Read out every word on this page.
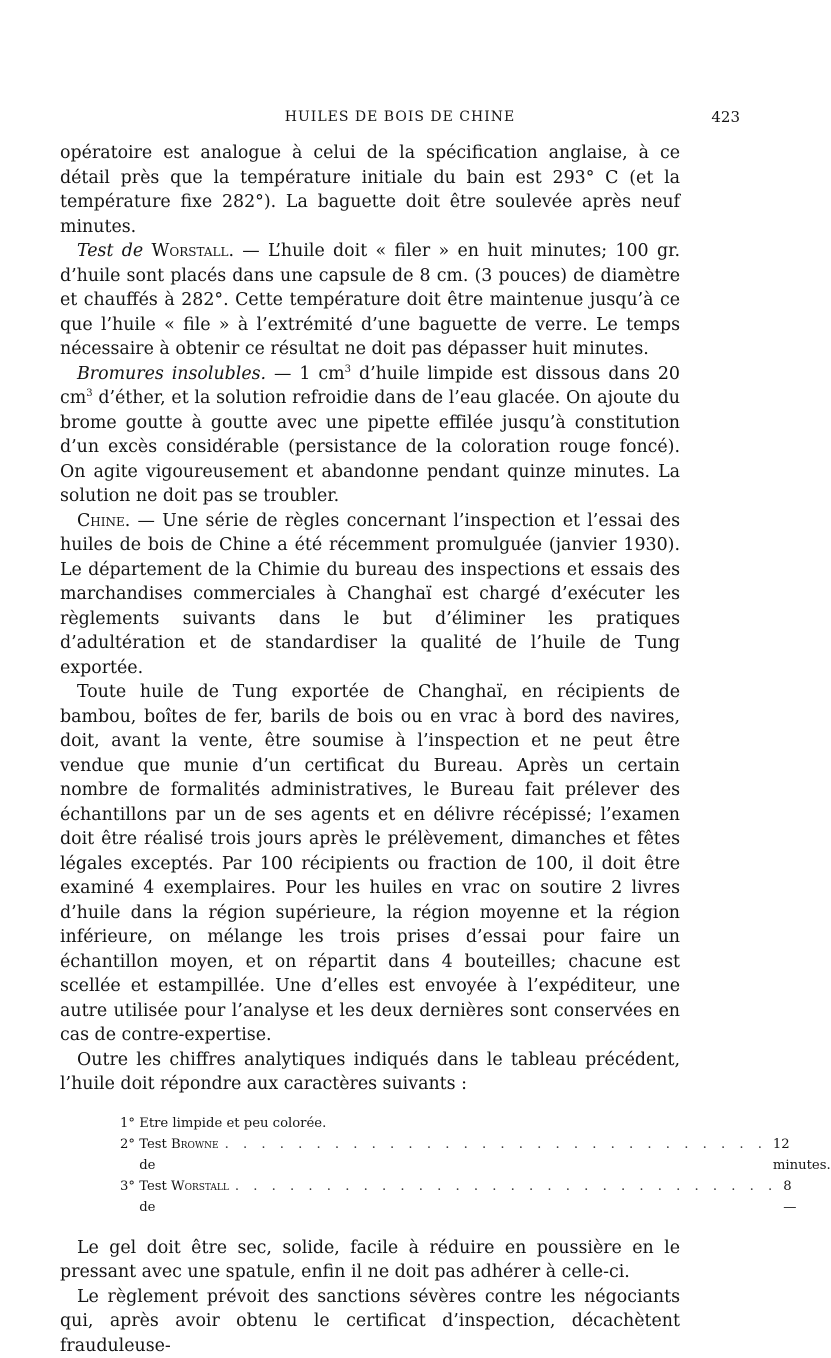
HUILES DE BOIS DE CHINE	423

opératoire est analogue à celui de la spécification anglaise, à ce détail près que la température initiale du bain est 293° C (et la température fixe 282°). La baguette doit être soulevée après neuf minutes.

Test de Worstall. — L’huile doit « filer » en huit minutes; 100 gr. d’huile sont placés dans une capsule de 8 cm. (3 pouces) de diamètre et chauffés à 282°. Cette température doit être maintenue jusqu’à ce que l’huile « file » à l’extrémité d’une baguette de verre. Le temps nécessaire à obtenir ce résultat ne doit pas dépasser huit minutes.

Bromures insolubles. — 1 $cm^3$ d’huile limpide est dissous dans 20 $cm^3$ d’éther, et la solution refroidie dans de l’eau glacée. On ajoute du brome goutte à goutte avec une pipette effilée jusqu’à constitution d’un excès considérable (persistance de la coloration rouge foncé). On agite vigoureusement et abandonne pendant quinze minutes. La solution ne doit pas se troubler.

Chine. — Une série de règles concernant l’inspection et l’essai des huiles de bois de Chine a été récemment promulguée (janvier 1930). Le département de la Chimie du bureau des inspections et essais des marchandises commerciales à Changhaï est chargé d’exécuter les règlements suivants dans le but d’éliminer les pratiques d’adultération et de standardiser la qualité de l’huile de Tung exportée.

Toute huile de Tung exportée de Changhaï, en récipients de bambou, boîtes de fer, barils de bois ou en vrac à bord des navires, doit, avant la vente, être soumise à l’inspection et ne peut être vendue que munie d’un certificat du Bureau. Après un certain nombre de formalités administratives, le Bureau fait prélever des échantillons par un de ses agents et en délivre récépissé; l’examen doit être réalisé trois jours après le prélèvement, dimanches et fêtes légales exceptés. Par 100 récipients ou fraction de 100, il doit être examiné 4 exemplaires. Pour les huiles en vrac on soutire 2 livres d’huile dans la région supérieure, la région moyenne et la région inférieure, on mélange les trois prises d’essai pour faire un échantillon moyen, et on répartit dans 4 bouteilles; chacune est scellée et estampillée. Une d’elles est envoyée à l’expéditeur, une autre utilisée pour l’analyse et les deux dernières sont conservées en cas de contre-expertise.

Outre les chiffres analytiques indiqués dans le tableau précédent, l’huile doit répondre aux caractères suivants :

1°
Etre limpide et peu colorée.
2°
Test de

Browne . . . . . . . . . . . . . . . . . . . . . . . . . . . . . . 12 minutes.
3°
Test de

Worstall . . . . . . . . . . . . . . . . . . . . . . . . . . . . . . 8 —

Le gel doit être sec, solide, facile à réduire en poussière en le pressant avec une spatule, enfin il ne doit pas adhérer à celle-ci.

Le règlement prévoit des sanctions sévères contre les négociants qui, après avoir obtenu le certificat d’inspection, décachètent frauduleuse-
